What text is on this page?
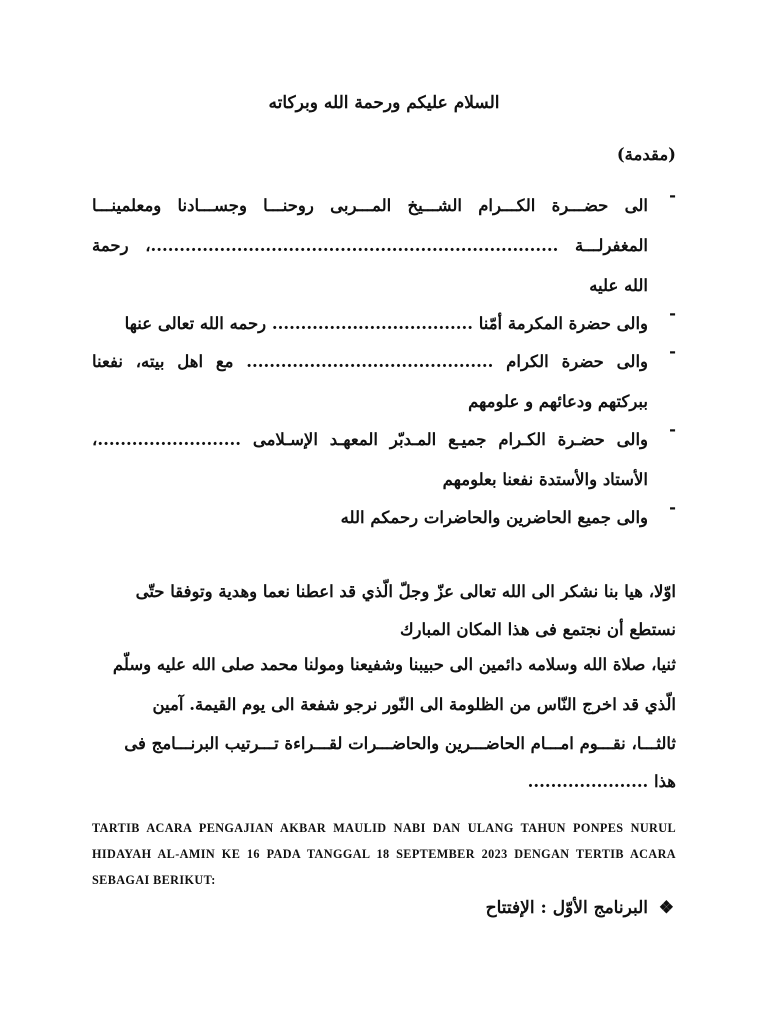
السلام عليكم ورحمة الله وبركاته
(مقدمة)
-
الى حضـــرة الكـــرام الشـــيخ المـــربى روحنـــا وجســـادنا ومعلمينـــا المغفرلـــة .......................................................................، رحمة الله عليه
-
والى حضرة المكرمة أمّنا ................................... رحمه الله تعالى عنها
-
والى حضرة الكرام ........................................... مع اهل بيته، نفعنا ببركتهم ودعائهم و علومهم
-
والى حضـرة الكـرام جميـع المـدبّر المعهـد الإسـلامى .........................، الأستاد والأستدة نفعنا بعلومهم
-
والى جميع الحاضرين والحاضرات رحمكم الله
اوّلا، هيا بنا نشكر الى الله تعالى عزّ وجلّ الّذي قد اعطنا نعما وهدية وتوفقا حتّى
نستطع أن نجتمع فى هذا المكان المبارك
ثنيا، صلاة الله وسلامه دائمين الى حبيبنا وشفيعنا ومولنا محمد صلى الله عليه وسلّم
الّذي قد اخرج النّاس من الظلومة الى النّور نرجو شفعة الى يوم القيمة. آمين
ثالثـــا، نقـــوم امـــام الحاضـــرين والحاضـــرات لقـــراءة تـــرتيب البرنـــامج فى
هذا .....................
TARTIB ACARA PENGAJIAN AKBAR MAULID NABI DAN ULANG TAHUN PONPES NURUL HIDAYAH AL-AMIN KE 16 PADA TANGGAL 18 SEPTEMBER 2023 DENGAN TERTIB ACARA SEBAGAI BERIKUT:
❖
البرنامج الأوّل : الإفتتاح
